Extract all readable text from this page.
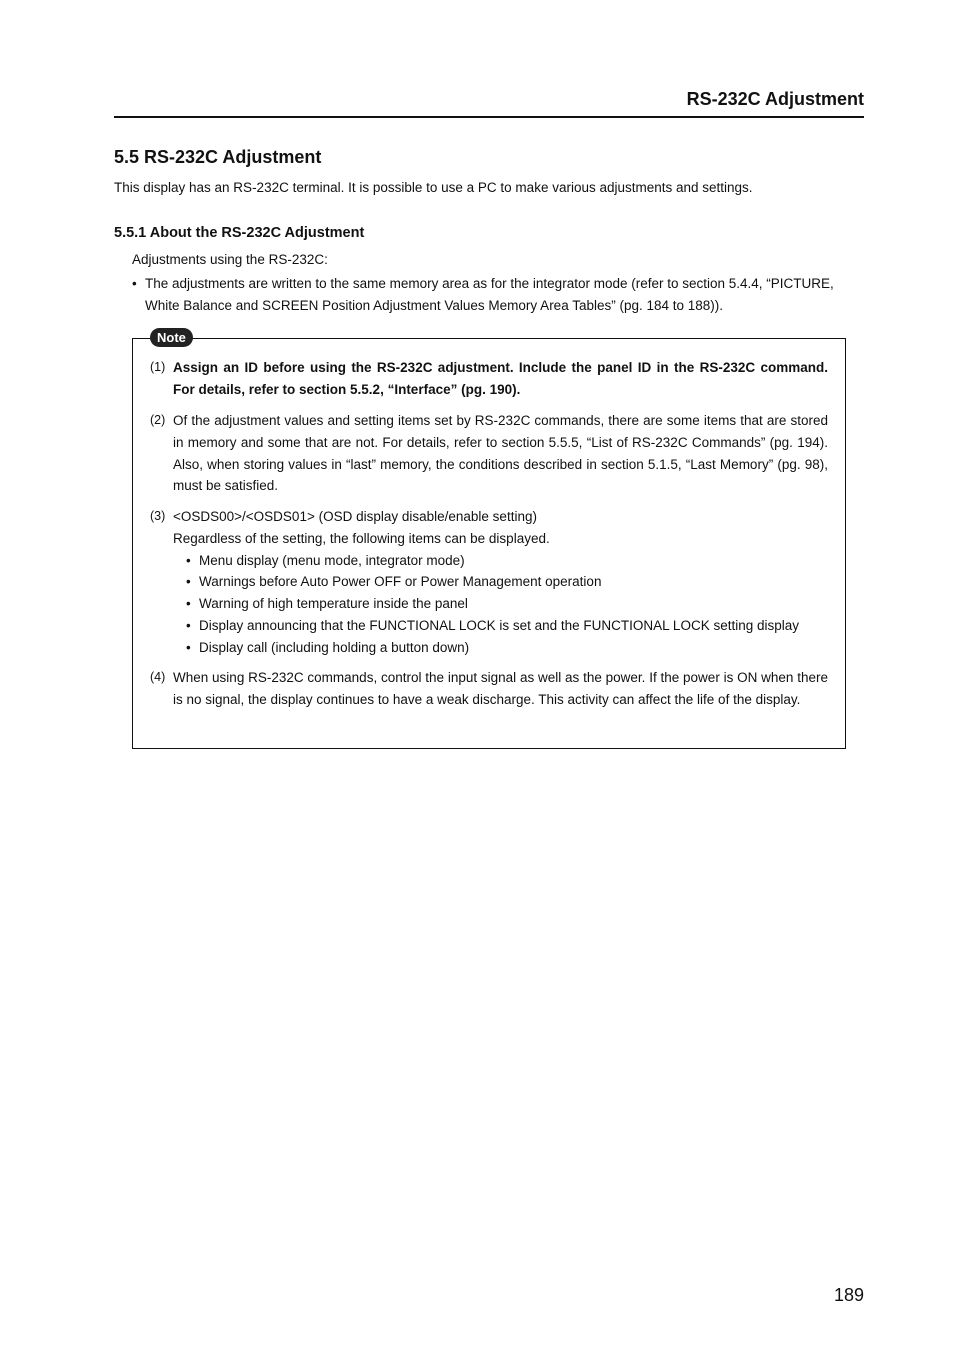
RS-232C Adjustment
5.5 RS-232C Adjustment
This display has an RS-232C terminal. It is possible to use a PC to make various adjustments and settings.
5.5.1 About the RS-232C Adjustment
Adjustments using the RS-232C:
• The adjustments are written to the same memory area as for the integrator mode (refer to section 5.4.4, “PICTURE, White Balance and SCREEN Position Adjustment Values Memory Area Tables” (pg. 184 to 188)).
Note
(1) Assign an ID before using the RS-232C adjustment. Include the panel ID in the RS-232C command. For details, refer to section 5.5.2, “Interface” (pg. 190).
(2) Of the adjustment values and setting items set by RS-232C commands, there are some items that are stored in memory and some that are not. For details, refer to section 5.5.5, “List of RS-232C Commands” (pg. 194). Also, when storing values in “last” memory, the conditions described in section 5.1.5, “Last Memory” (pg. 98), must be satisfied.
(3) <OSDS00>/<OSDS01> (OSD display disable/enable setting)
Regardless of the setting, the following items can be displayed.
• Menu display (menu mode, integrator mode)
• Warnings before Auto Power OFF or Power Management operation
• Warning of high temperature inside the panel
• Display announcing that the FUNCTIONAL LOCK is set and the FUNCTIONAL LOCK setting display
• Display call (including holding a button down)
(4) When using RS-232C commands, control the input signal as well as the power. If the power is ON when there is no signal, the display continues to have a weak discharge. This activity can affect the life of the display.
189
